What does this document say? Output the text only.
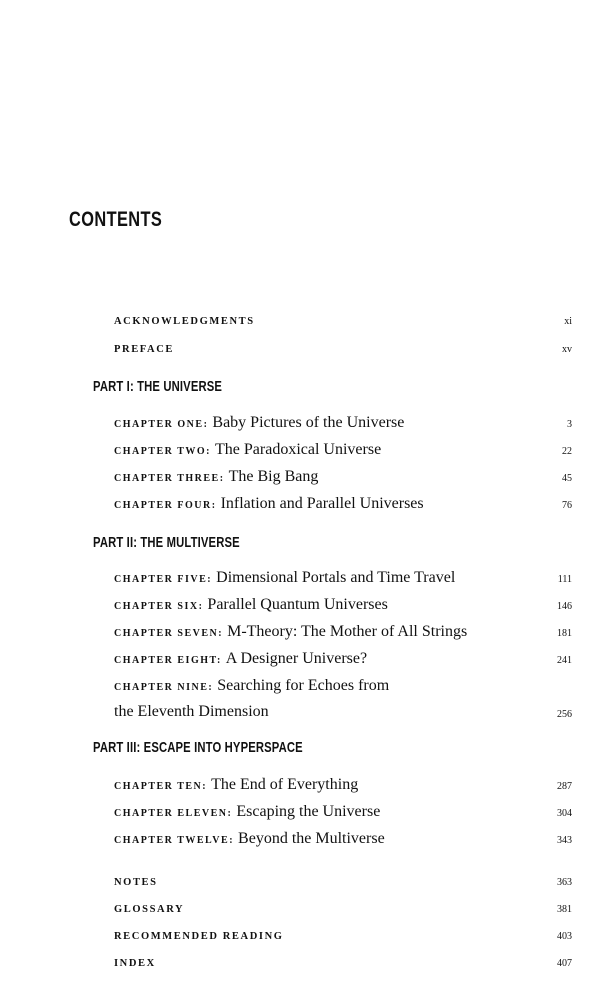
CONTENTS
ACKNOWLEDGMENTS	xi
PREFACE	xv
PART I: THE UNIVERSE
CHAPTER ONE: Baby Pictures of the Universe	3
CHAPTER TWO: The Paradoxical Universe	22
CHAPTER THREE: The Big Bang	45
CHAPTER FOUR: Inflation and Parallel Universes	76
PART II: THE MULTIVERSE
CHAPTER FIVE: Dimensional Portals and Time Travel	111
CHAPTER SIX: Parallel Quantum Universes	146
CHAPTER SEVEN: M-Theory: The Mother of All Strings	181
CHAPTER EIGHT: A Designer Universe?	241
CHAPTER NINE: Searching for Echoes from
the Eleventh Dimension	256
PART III: ESCAPE INTO HYPERSPACE
CHAPTER TEN: The End of Everything	287
CHAPTER ELEVEN: Escaping the Universe	304
CHAPTER TWELVE: Beyond the Multiverse	343
NOTES	363
GLOSSARY	381
RECOMMENDED READING	403
INDEX	407
